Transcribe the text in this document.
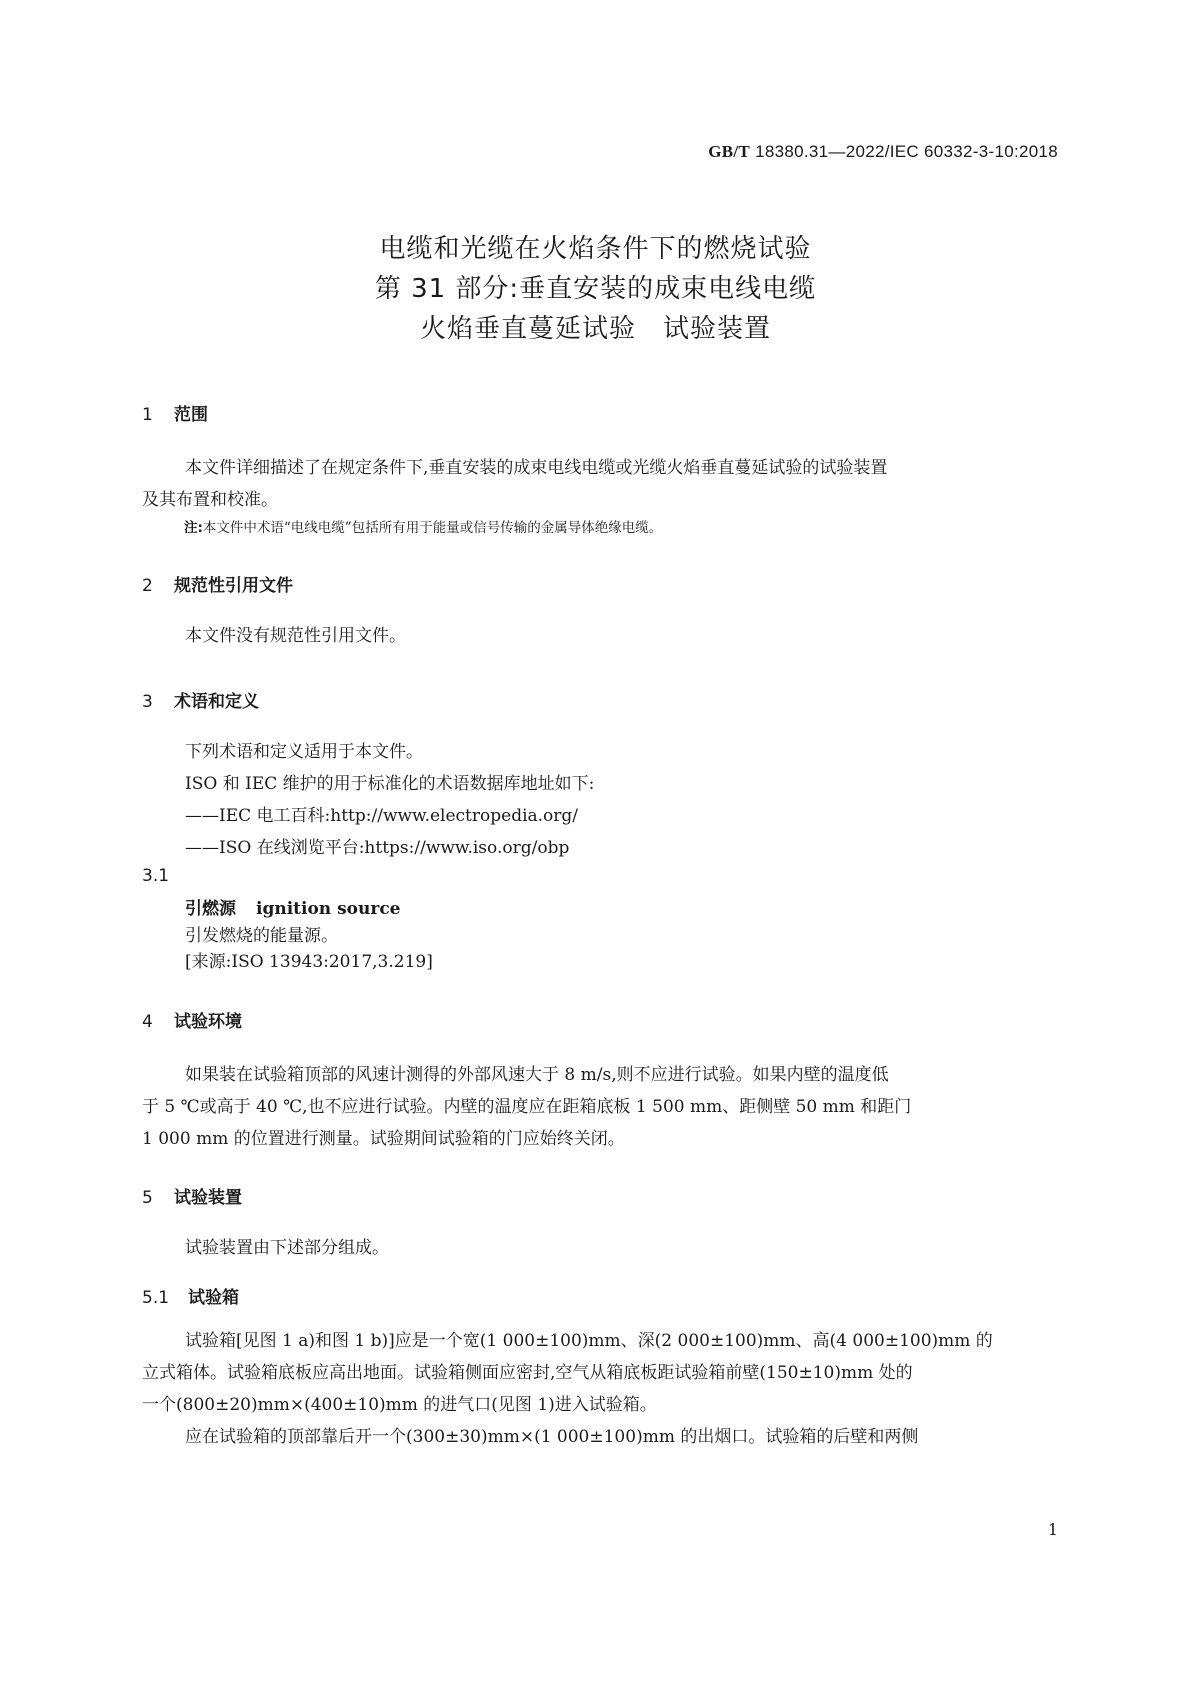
GB/T 18380.31—2022/IEC 60332-3-10:2018
电缆和光缆在火焰条件下的燃烧试验
第 31 部分:垂直安装的成束电线电缆
火焰垂直蔓延试验　试验装置
1 范围
本文件详细描述了在规定条件下,垂直安装的成束电线电缆或光缆火焰垂直蔓延试验的试验装置
及其布置和校准。
注:本文件中术语“电线电缆”包括所有用于能量或信号传输的金属导体绝缘电缆。
2 规范性引用文件
本文件没有规范性引用文件。
3 术语和定义
下列术语和定义适用于本文件。
ISO 和 IEC 维护的用于标准化的术语数据库地址如下:
——IEC 电工百科:http://www.electropedia.org/
——ISO 在线浏览平台:https://www.iso.org/obp
3.1
引燃源 ignition source
引发燃烧的能量源。
[来源:ISO 13943:2017,3.219]
4 试验环境
如果装在试验箱顶部的风速计测得的外部风速大于 8 m/s,则不应进行试验。如果内壁的温度低
于 5 ℃或高于 40 ℃,也不应进行试验。内壁的温度应在距箱底板 1 500 mm、距侧壁 50 mm 和距门
1 000 mm 的位置进行测量。试验期间试验箱的门应始终关闭。
5 试验装置
试验装置由下述部分组成。
5.1 试验箱
试验箱[见图 1 a)和图 1 b)]应是一个宽(1 000±100)mm、深(2 000±100)mm、高(4 000±100)mm 的
立式箱体。试验箱底板应高出地面。试验箱侧面应密封,空气从箱底板距试验箱前壁(150±10)mm 处的
一个(800±20)mm×(400±10)mm 的进气口(见图 1)进入试验箱。
应在试验箱的顶部靠后开一个(300±30)mm×(1 000±100)mm 的出烟口。试验箱的后壁和两侧
1
